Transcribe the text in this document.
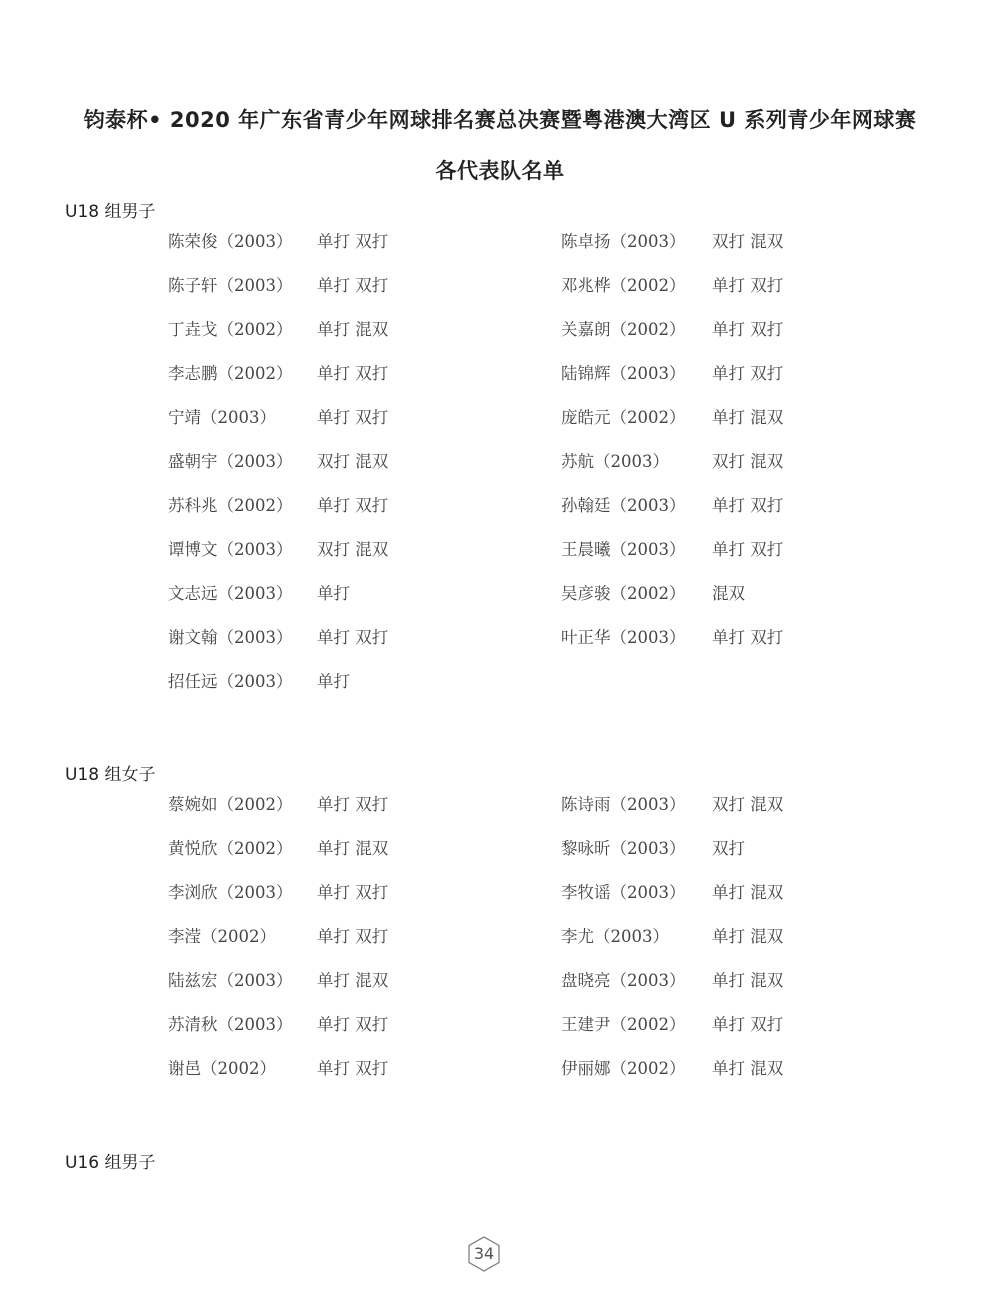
钧泰杯• 2020 年广东省青少年网球排名赛总决赛暨粤港澳大湾区 U 系列青少年网球赛
各代表队名单
U18 组男子
陈荣俊（2003） 单打 双打	陈卓扬（2003） 双打 混双
陈子轩（2003） 单打 双打	邓兆桦（2002） 单打 双打
丁垚戈（2002） 单打 混双	关嘉朗（2002） 单打 双打
李志鹏（2002） 单打 双打	陆锦辉（2003） 单打 双打
宁靖（2003） 单打 双打	庞皓元（2002） 单打 混双
盛朝宇（2003） 双打 混双	苏航（2003）	双打 混双
苏科兆（2002） 单打 双打	孙翰廷（2003） 单打 双打
谭博文（2003） 双打 混双	王晨曦（2003） 单打 双打
文志远（2003） 单打	吴彦骏（2002） 混双
谢文翰（2003） 单打 双打	叶正华（2003） 单打 双打
招任远（2003） 单打
U18 组女子
蔡婉如（2002） 单打 双打	陈诗雨（2003） 双打 混双
黄悦欣（2002） 单打 混双	黎咏昕（2003） 双打
李浏欣（2003） 单打 双打	李牧谣（2003） 单打 混双
李滢（2002） 单打 双打	李尤（2003）	单打 混双
陆兹宏（2003） 单打 混双	盘晓亮（2003） 单打 混双
苏清秋（2003） 单打 双打	王建尹（2002） 单打 双打
谢邑（2002） 单打 双打	伊丽娜（2002） 单打 混双
U16 组男子
34
